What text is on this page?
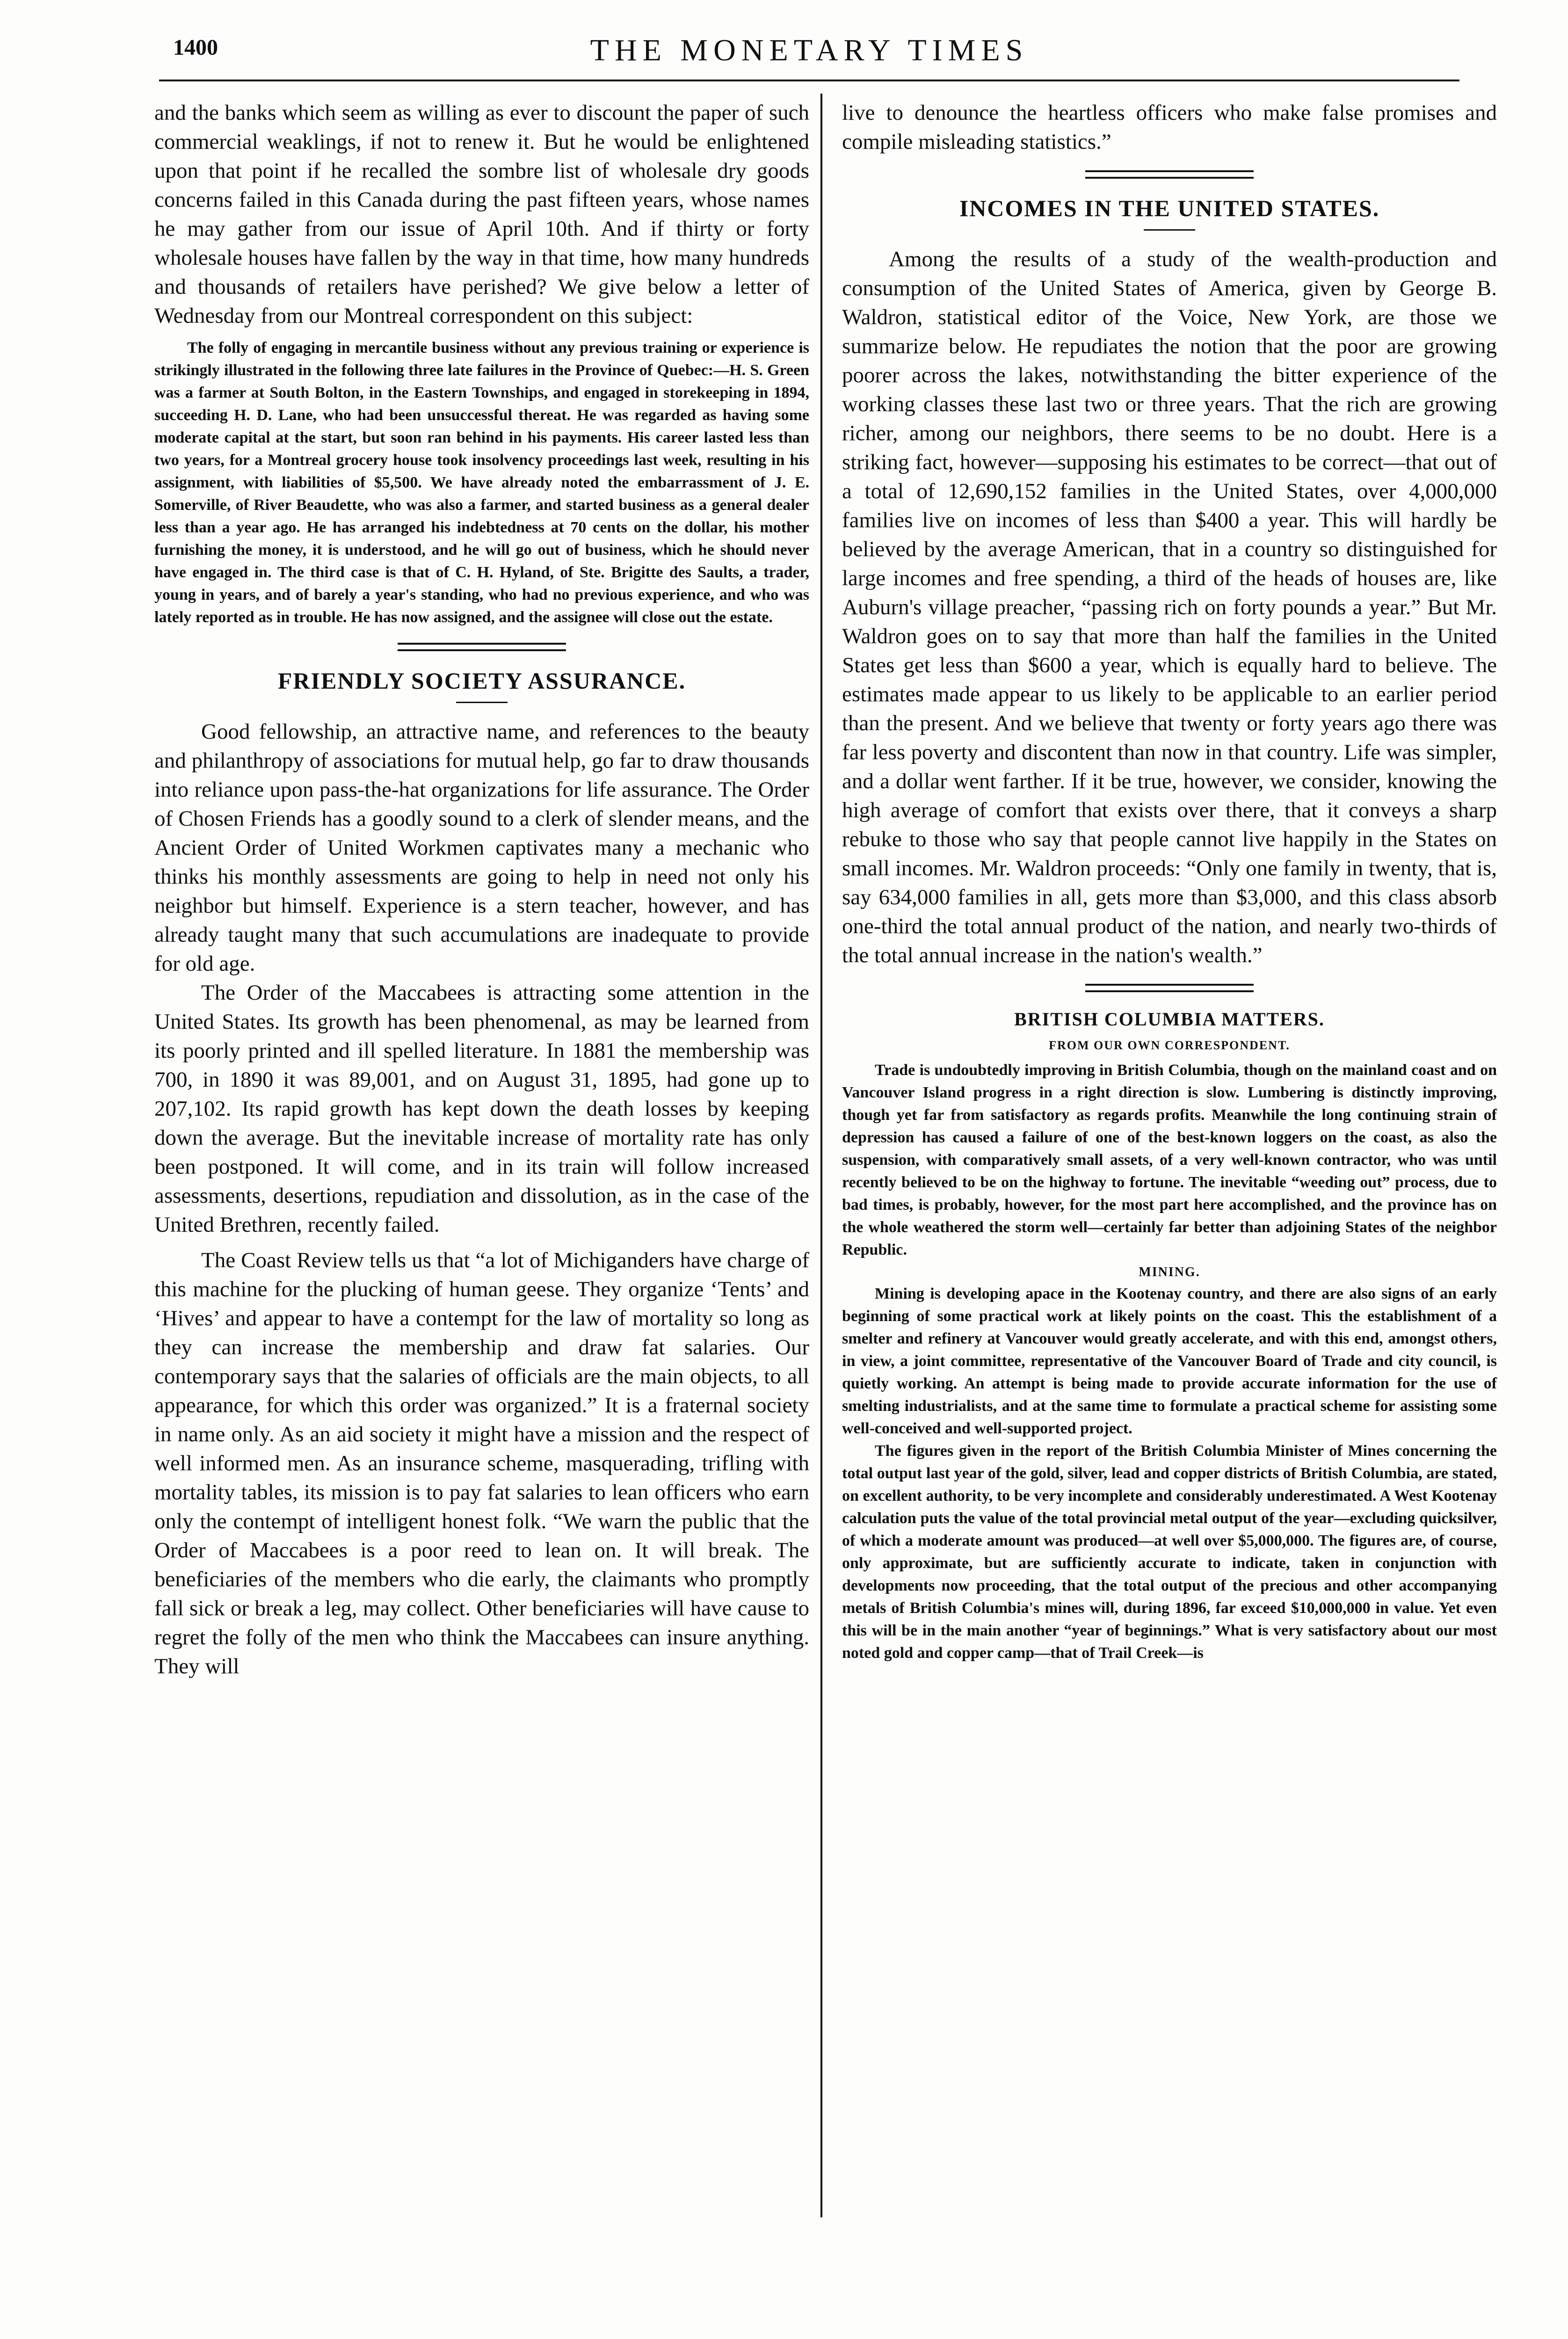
1400	THE MONETARY TIMES

and the banks which seem as willing as ever to discount the paper of such commercial weaklings, if not to renew it. But he would be enlightened upon that point if he recalled the sombre list of wholesale dry goods concerns failed in this Canada during the past fifteen years, whose names he may gather from our issue of April 10th. And if thirty or forty wholesale houses have fallen by the way in that time, how many hundreds and thousands of retailers have perished? We give below a letter of Wednesday from our Montreal correspondent on this subject:

The folly of engaging in mercantile business without any previous training or experience is strikingly illustrated in the following three late failures in the Province of Quebec:—H. S. Green was a farmer at South Bolton, in the Eastern Townships, and engaged in storekeeping in 1894, succeeding H. D. Lane, who had been unsuccessful thereat. He was regarded as having some moderate capital at the start, but soon ran behind in his payments. His career lasted less than two years, for a Montreal grocery house took insolvency proceedings last week, resulting in his assignment, with liabilities of $5,500. We have already noted the embarrassment of J. E. Somerville, of River Beaudette, who was also a farmer, and started business as a general dealer less than a year ago. He has arranged his indebtedness at 70 cents on the dollar, his mother furnishing the money, it is understood, and he will go out of business, which he should never have engaged in. The third case is that of C. H. Hyland, of Ste. Brigitte des Saults, a trader, young in years, and of barely a year's standing, who had no previous experience, and who was lately reported as in trouble. He has now assigned, and the assignee will close out the estate.

FRIENDLY SOCIETY ASSURANCE.

Good fellowship, an attractive name, and references to the beauty and philanthropy of associations for mutual help, go far to draw thousands into reliance upon pass-the-hat organizations for life assurance. The Order of Chosen Friends has a goodly sound to a clerk of slender means, and the Ancient Order of United Workmen captivates many a mechanic who thinks his monthly assessments are going to help in need not only his neighbor but himself. Experience is a stern teacher, however, and has already taught many that such accumulations are inadequate to provide for old age.

The Order of the Maccabees is attracting some attention in the United States. Its growth has been phenomenal, as may be learned from its poorly printed and ill spelled literature. In 1881 the membership was 700, in 1890 it was 89,001, and on August 31, 1895, had gone up to 207,102. Its rapid growth has kept down the death losses by keeping down the average. But the inevitable increase of mortality rate has only been postponed. It will come, and in its train will follow increased assessments, desertions, repudiation and dissolution, as in the case of the United Brethren, recently failed.

The Coast Review tells us that “a lot of Michiganders have charge of this machine for the plucking of human geese. They organize ‘Tents’ and ‘Hives’ and appear to have a contempt for the law of mortality so long as they can increase the membership and draw fat salaries. Our contemporary says that the salaries of officials are the main objects, to all appearance, for which this order was organized.” It is a fraternal society in name only. As an aid society it might have a mission and the respect of well informed men. As an insurance scheme, masquerading, trifling with mortality tables, its mission is to pay fat salaries to lean officers who earn only the contempt of intelligent honest folk. “We warn the public that the Order of Maccabees is a poor reed to lean on. It will break. The beneficiaries of the members who die early, the claimants who promptly fall sick or break a leg, may collect. Other beneficiaries will have cause to regret the folly of the men who think the Maccabees can insure anything. They will

live to denounce the heartless officers who make false promises and compile misleading statistics.”

INCOMES IN THE UNITED STATES.

Among the results of a study of the wealth-production and consumption of the United States of America, given by George B. Waldron, statistical editor of the Voice, New York, are those we summarize below. He repudiates the notion that the poor are growing poorer across the lakes, notwithstanding the bitter experience of the working classes these last two or three years. That the rich are growing richer, among our neighbors, there seems to be no doubt. Here is a striking fact, however—supposing his estimates to be correct—that out of a total of 12,690,152 families in the United States, over 4,000,000 families live on incomes of less than $400 a year. This will hardly be believed by the average American, that in a country so distinguished for large incomes and free spending, a third of the heads of houses are, like Auburn's village preacher, “passing rich on forty pounds a year.” But Mr. Waldron goes on to say that more than half the families in the United States get less than $600 a year, which is equally hard to believe. The estimates made appear to us likely to be applicable to an earlier period than the present. And we believe that twenty or forty years ago there was far less poverty and discontent than now in that country. Life was simpler, and a dollar went farther. If it be true, however, we consider, knowing the high average of comfort that exists over there, that it conveys a sharp rebuke to those who say that people cannot live happily in the States on small incomes. Mr. Waldron proceeds: “Only one family in twenty, that is, say 634,000 families in all, gets more than $3,000, and this class absorb one-third the total annual product of the nation, and nearly two-thirds of the total annual increase in the nation's wealth.”

BRITISH COLUMBIA MATTERS.
FROM OUR OWN CORRESPONDENT.

Trade is undoubtedly improving in British Columbia, though on the mainland coast and on Vancouver Island progress in a right direction is slow. Lumbering is distinctly improving, though yet far from satisfactory as regards profits. Meanwhile the long continuing strain of depression has caused a failure of one of the best-known loggers on the coast, as also the suspension, with comparatively small assets, of a very well-known contractor, who was until recently believed to be on the highway to fortune. The inevitable “weeding out” process, due to bad times, is probably, however, for the most part here accomplished, and the province has on the whole weathered the storm well—certainly far better than adjoining States of the neighbor Republic.

MINING.

Mining is developing apace in the Kootenay country, and there are also signs of an early beginning of some practical work at likely points on the coast. This the establishment of a smelter and refinery at Vancouver would greatly accelerate, and with this end, amongst others, in view, a joint committee, representative of the Vancouver Board of Trade and city council, is quietly working. An attempt is being made to provide accurate information for the use of smelting industrialists, and at the same time to formulate a practical scheme for assisting some well-conceived and well-supported project.

The figures given in the report of the British Columbia Minister of Mines concerning the total output last year of the gold, silver, lead and copper districts of British Columbia, are stated, on excellent authority, to be very incomplete and considerably underestimated. A West Kootenay calculation puts the value of the total provincial metal output of the year—excluding quicksilver, of which a moderate amount was produced—at well over $5,000,000. The figures are, of course, only approximate, but are sufficiently accurate to indicate, taken in conjunction with developments now proceeding, that the total output of the precious and other accompanying metals of British Columbia's mines will, during 1896, far exceed $10,000,000 in value. Yet even this will be in the main another “year of beginnings.” What is very satisfactory about our most noted gold and copper camp—that of Trail Creek—is
